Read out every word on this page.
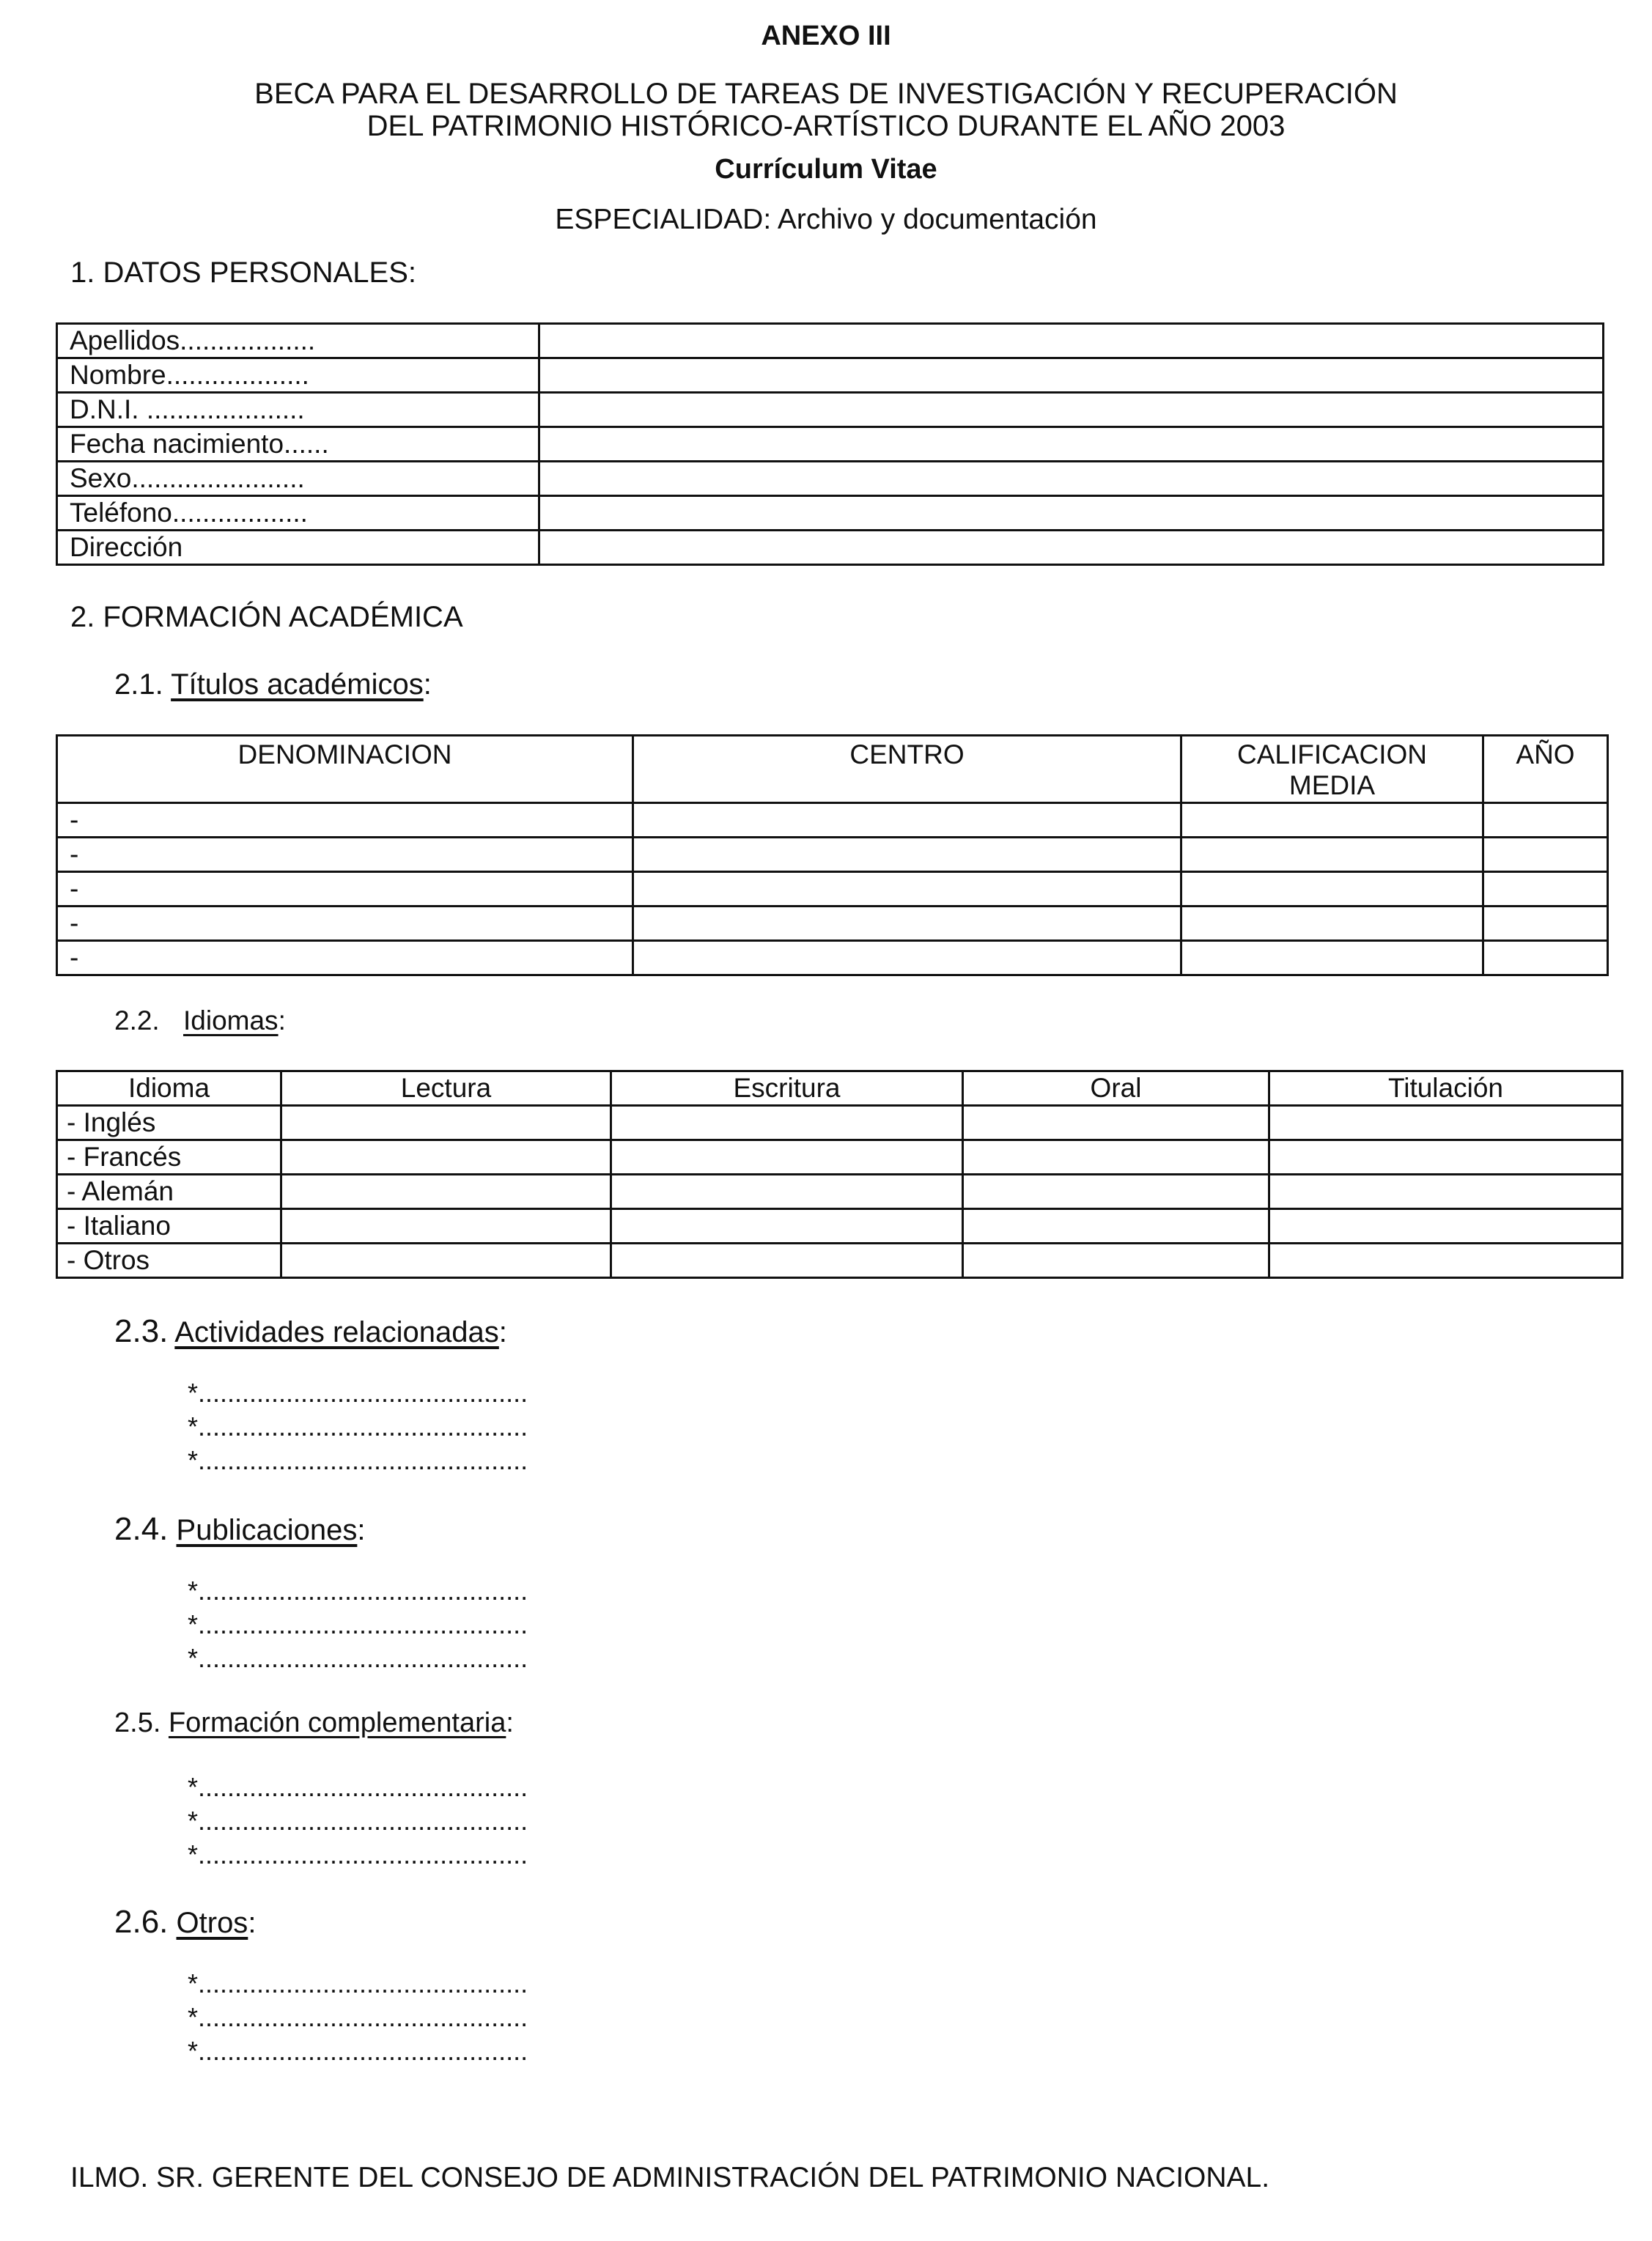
ANEXO III
BECA PARA EL DESARROLLO DE TAREAS DE INVESTIGACIÓN Y RECUPERACIÓN
DEL PATRIMONIO HISTÓRICO-ARTÍSTICO DURANTE EL AÑO 2003
Currículum Vitae
ESPECIALIDAD: Archivo y documentación
1. DATOS PERSONALES:
Apellidos..................	
Nombre...................	
D.N.I. .....................	
Fecha nacimiento......	
Sexo.......................	
Teléfono..................	
Dirección	
2. FORMACIÓN ACADÉMICA
2.1. Títulos académicos:
DENOMINACION	CENTRO	CALIFICACION MEDIA	AÑO
-			
-			
-			
-			
-			
2.2. Idiomas:
Idioma	Lectura	Escritura	Oral	Titulación
- Inglés				
- Francés				
- Alemán				
- Italiano				
- Otros				
2.3. Actividades relacionadas:
*.............................................
*.............................................
*.............................................
2.4. Publicaciones:
*.............................................
*.............................................
*.............................................
2.5. Formación complementaria:
*.............................................
*.............................................
*.............................................
2.6. Otros:
*.............................................
*.............................................
*.............................................
ILMO. SR. GERENTE DEL CONSEJO DE ADMINISTRACIÓN DEL PATRIMONIO NACIONAL.
